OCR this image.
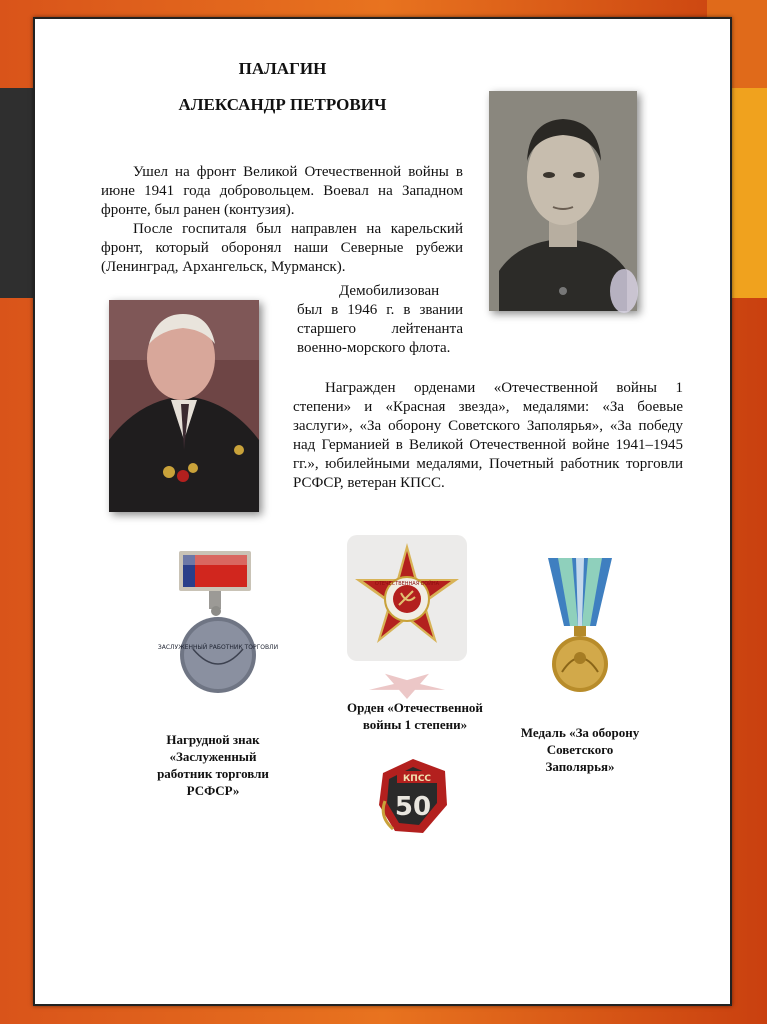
ПАЛАГИН
АЛЕКСАНДР ПЕТРОВИЧ
Ушел на фронт Великой Отечественной войны в июне 1941 года добровольцем. Воевал на Западном фронте, был ранен (контузия).
После госпиталя был направлен на карельский фронт, который оборонял наши Северные рубежи (Ленинград, Архангельск, Мурманск).
Демобилизован был в 1946 г. в звании старшего лейтенанта военно-морского флота.
Награжден орденами «Отечественной войны 1 степени» и «Красная звезда», медалями: «За боевые заслуги», «За оборону Советского Заполярья», «За победу над Германией в Великой Отечественной войне 1941–1945 гг.», юбилейными медалями, Почетный работник торговли РСФСР, ветеран КПСС.
ЗАСЛУЖЕННЫЙ РАБОТНИК ТОРГОВЛИ
ОТЕЧЕСТВЕННАЯ ВОЙНА
КПСС
50
Нагрудной знак «Заслуженный работник торговли РСФСР»
Орден «Отечественной войны 1 степени»
Медаль «За оборону Советского Заполярья»
